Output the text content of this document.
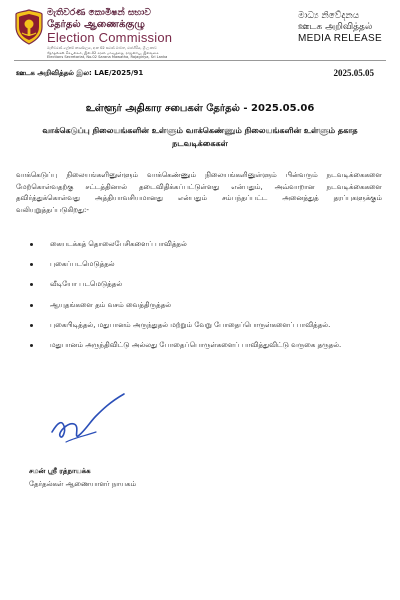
මැතිවරණ කොමිෂන් සභාව
தேர்தல் ஆணைக்குழு
Election Commission
මැතිවරණ ලේකම් කාර්යාලය, අංක 02 සරණ මාවත, රාජගිරිය, ශ්‍රී ලංකාව
தேர்தல்கள் செயலகம், இல.02 சரண மாவத்தை, ராஜகிரிய, இலங்கை
Elections Secretariat, No.02 Sarana Mawatha, Rajagiriya, Sri Lanka
මාධ්‍ය නිවේදනය
ஊடக அறிவித்தல்
MEDIA RELEASE
ஊடக அறிவித்தல் இல: LAE/2025/91	2025.05.05
உள்ளூர் அதிகார சபைகள் தேர்தல் - 2025.05.06
வாக்கெடுப்பு நிலையங்களின் உள்ளும் வாக்கெண்ணும் நிலையங்களின் உள்ளும் தகாத நடவடிக்கைகள்
வாக்கெடுப்பு நிலையங்களினுள்ளும் வாக்கெண்ணும் நிலையங்களினுள்ளும் பின்வரும் நடவடிக்கைகளை மேற்கொள்வதற்கு சட்டத்தினால் தடைவிதிக்கப்பட்டுள்ளது என்பதும், அவ்வாறான நடவடிக்கைகளை தவிர்த்துக்கொள்வது அத்தியாவசியமானது என்பதும் சம்பந்தப்பட்ட அனைத்துத் தரப்புகளுக்கும் வலியுறுத்தப்படுகிறது:-
கையடக்கத் தொலைபேசிகளைப் பாவித்தல்
புகைப்படமெடுத்தல்
வீடியோ படமெடுத்தல்
ஆயுதங்களை தம் வசம் வைத்திருத்தல்
புகைபிடித்தல், மதுபானம் அருந்துதல் மற்றும் வேறு போதைப்பொருள்களைப் பாவித்தல்.
மதுபானம் அருந்திவிட்டு அல்லது போதைப்பொருள்களைப் பாவித்துவிட்டு வருகை தருதல்.
சமன் ஸ்ரீ ரத்நாயக்க
தேர்தல்கள் ஆணையாளர் நாயகம்
